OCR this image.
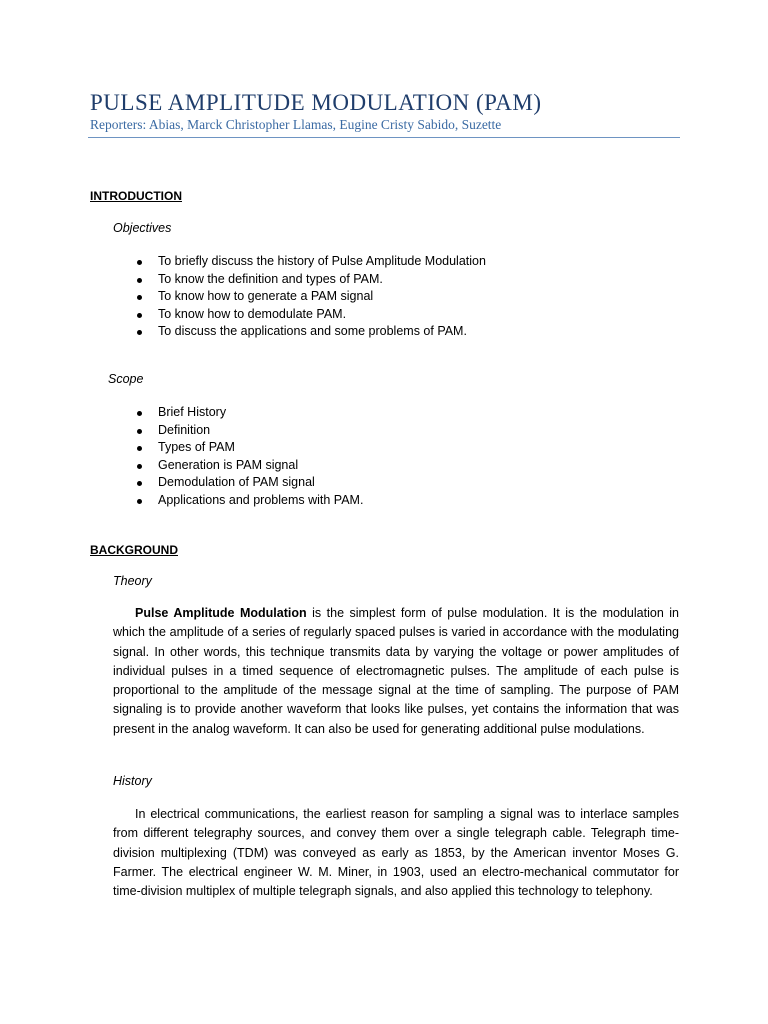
PULSE AMPLITUDE MODULATION (PAM)
Reporters: Abias, Marck Christopher Llamas, Eugine Cristy Sabido, Suzette
INTRODUCTION
Objectives
To briefly discuss the history of Pulse Amplitude Modulation
To know the definition and types of PAM.
To know how to generate a PAM signal
To know how to demodulate PAM.
To discuss the applications and some problems of PAM.
Scope
Brief History
Definition
Types of PAM
Generation is PAM signal
Demodulation of PAM signal
Applications and problems with PAM.
BACKGROUND
Theory

Pulse Amplitude Modulation is the simplest form of pulse modulation. It is the modulation in which the amplitude of a series of regularly spaced pulses is varied in accordance with the modulating signal. In other words, this technique transmits data by varying the voltage or power amplitudes of individual pulses in a timed sequence of electromagnetic pulses. The amplitude of each pulse is proportional to the amplitude of the message signal at the time of sampling. The purpose of PAM signaling is to provide another waveform that looks like pulses, yet contains the information that was present in the analog waveform. It can also be used for generating additional pulse modulations.

History

In electrical communications, the earliest reason for sampling a signal was to interlace samples from different telegraphy sources, and convey them over a single telegraph cable. Telegraph time-division multiplexing (TDM) was conveyed as early as 1853, by the American inventor Moses G. Farmer. The electrical engineer W. M. Miner, in 1903, used an electro-mechanical commutator for time-division multiplex of multiple telegraph signals, and also applied this technology to telephony.
